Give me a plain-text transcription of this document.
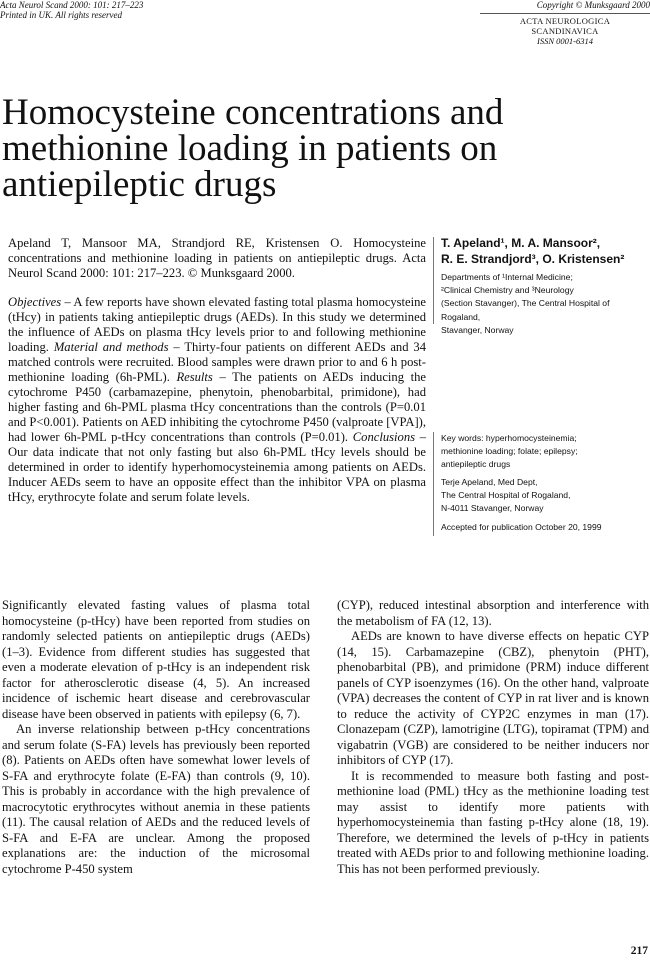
Acta Neurol Scand 2000: 101: 217–223
Printed in UK. All rights reserved
Copyright © Munksgaard 2000
ACTA NEUROLOGICA
SCANDINAVICA
ISSN 0001-6314
Homocysteine concentrations and methionine loading in patients on antiepileptic drugs
Apeland T, Mansoor MA, Strandjord RE, Kristensen O. Homocysteine concentrations and methionine loading in patients on antiepileptic drugs. Acta Neurol Scand 2000: 101: 217–223. © Munksgaard 2000.
Objectives – A few reports have shown elevated fasting total plasma homocysteine (tHcy) in patients taking antiepileptic drugs (AEDs). In this study we determined the influence of AEDs on plasma tHcy levels prior to and following methionine loading. Material and methods – Thirty-four patients on different AEDs and 34 matched controls were recruited. Blood samples were drawn prior to and 6 h post-methionine loading (6h-PML). Results – The patients on AEDs inducing the cytochrome P450 (carbamazepine, phenytoin, phenobarbital, primidone), had higher fasting and 6h-PML plasma tHcy concentrations than the controls (P=0.01 and P<0.001). Patients on AED inhibiting the cytochrome P450 (valproate [VPA]), had lower 6h-PML p-tHcy concentrations than controls (P=0.01). Conclusions – Our data indicate that not only fasting but also 6h-PML tHcy levels should be determined in order to identify hyperhomocysteinemia among patients on AEDs. Inducer AEDs seem to have an opposite effect than the inhibitor VPA on plasma tHcy, erythrocyte folate and serum folate levels.
T. Apeland¹, M. A. Mansoor²,
R. E. Strandjord³, O. Kristensen²
Departments of ¹Internal Medicine;
²Clinical Chemistry and ³Neurology
(Section Stavanger), The Central Hospital of Rogaland,
Stavanger, Norway
Key words: hyperhomocysteinemia;
methionine loading; folate; epilepsy;
antiepileptic drugs
Terje Apeland, Med Dept,
The Central Hospital of Rogaland,
N-4011 Stavanger, Norway
Accepted for publication October 20, 1999

Significantly elevated fasting values of plasma total homocysteine (p-tHcy) have been reported from studies on randomly selected patients on antiepileptic drugs (AEDs) (1–3). Evidence from different studies has suggested that even a moderate elevation of p-tHcy is an independent risk factor for atherosclerotic disease (4, 5). An increased incidence of ischemic heart disease and cerebrovascular disease have been observed in patients with epilepsy (6, 7).

An inverse relationship between p-tHcy concentrations and serum folate (S-FA) levels has previously been reported (8). Patients on AEDs often have somewhat lower levels of S-FA and erythrocyte folate (E-FA) than controls (9, 10). This is probably in accordance with the high prevalence of macrocytotic erythrocytes without anemia in these patients (11). The causal relation of AEDs and the reduced levels of S-FA and E-FA are unclear. Among the proposed explanations are: the induction of the microsomal cytochrome P-450 system

(CYP), reduced intestinal absorption and interference with the metabolism of FA (12, 13).

AEDs are known to have diverse effects on hepatic CYP (14, 15). Carbamazepine (CBZ), phenytoin (PHT), phenobarbital (PB), and primidone (PRM) induce different panels of CYP isoenzymes (16). On the other hand, valproate (VPA) decreases the content of CYP in rat liver and is known to reduce the activity of CYP2C enzymes in man (17). Clonazepam (CZP), lamotrigine (LTG), topiramat (TPM) and vigabatrin (VGB) are considered to be neither inducers nor inhibitors of CYP (17).

It is recommended to measure both fasting and post-methionine load (PML) tHcy as the methionine loading test may assist to identify more patients with hyperhomocysteinemia than fasting p-tHcy alone (18, 19). Therefore, we determined the levels of p-tHcy in patients treated with AEDs prior to and following methionine loading. This has not been performed previously.

217
